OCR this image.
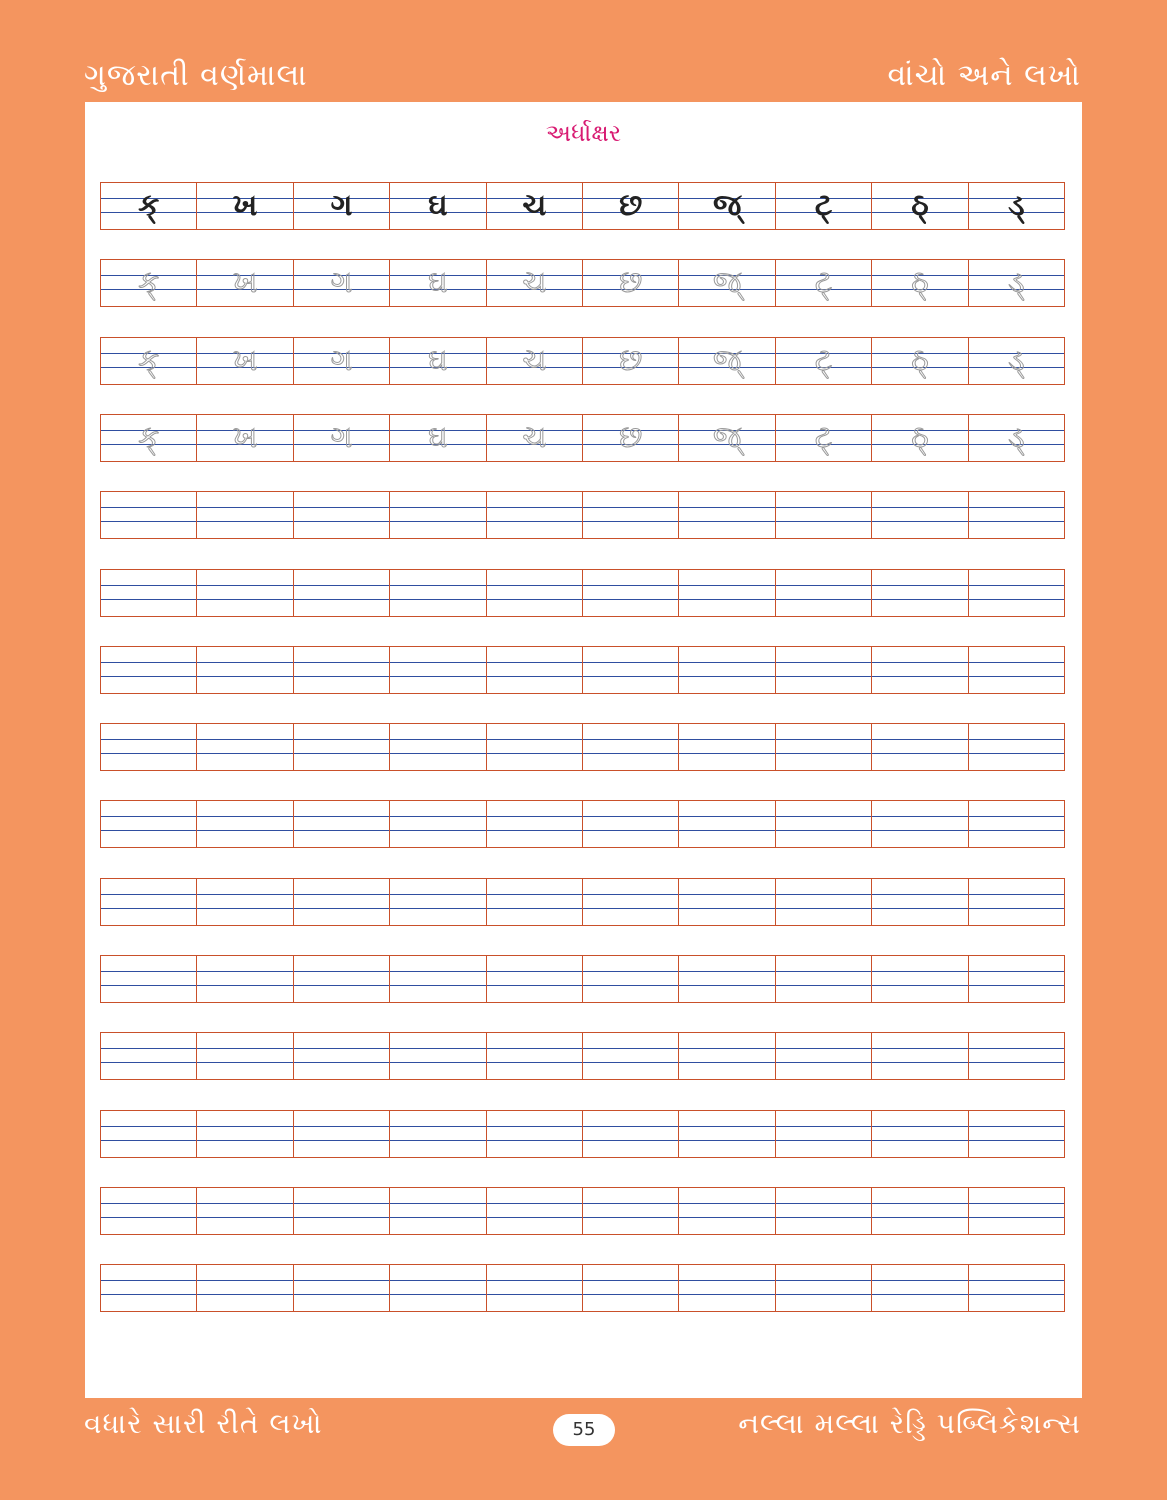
ગુજરાતી વર્ણમાલા	વાંચો અને લખો
અર્ધાક્ષર
ક્ ખ ગ	ઘ ચ છ જ્ ટ્	ઠ્	ડ્
ક્ ખ ગ	ઘ ચ છ જ્ ટ્	ઠ્	ડ્
ક્ ખ ગ	ઘ ચ છ જ્ ટ્	ઠ્	ડ્
ક્ ખ ગ	ઘ ચ છ જ્ ટ્	ઠ્	ડ્
વધારે સારી રીતે લખો	55	નલ્લા મલ્લા રેડ્ડિ પબ્લિકેશન્સ
